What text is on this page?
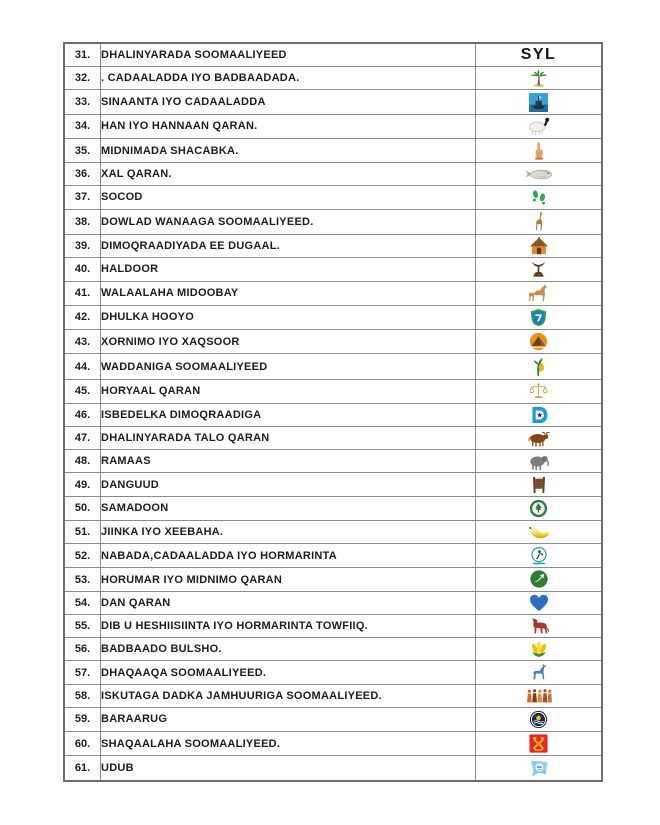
31.	DHALINYARADA SOOMAALIYEED	SYL
32.	. CADAALADDA IYO BADBAADADA.	
33.	SINAANTA IYO CADAALADDA	
34.	HAN IYO HANNAAN QARAN.	
35.	MIDNIMADA SHACABKA.	
36.	XAL QARAN.	
37.	SOCOD	
38.	DOWLAD WANAAGA SOOMAALIYEED.	
39.	DIMOQRAADIYADA EE DUGAAL.	
40.	HALDOOR	
41.	WALAALAHA MIDOOBAY	
42.	DHULKA HOOYO	
43.	XORNIMO IYO XAQSOOR	
44.	WADDANIGA SOOMAALIYEED	
45.	HORYAAL QARAN	
46.	ISBEDELKA DIMOQRAADIGA	
47.	DHALINYARADA TALO QARAN	
48.	RAMAAS	
49.	DANGUUD	
50.	SAMADOON	
51.	JIINKA IYO XEEBAHA.	
52.	NABADA,CADAALADDA IYO HORMARINTA	
53.	HORUMAR IYO MIDNIMO QARAN	
54.	DAN QARAN	
55.	DIB U HESHIISIINTA IYO HORMARINTA TOWFIIQ.	
56.	BADBAADO BULSHO.	
57.	DHAQAAQA SOOMAALIYEED.	
58.	ISKUTAGA DADKA JAMHUURIGA SOOMAALIYEED.	
59.	BARAARUG	
60.	SHAQAALAHA SOOMAALIYEED.	
61.	UDUB	
